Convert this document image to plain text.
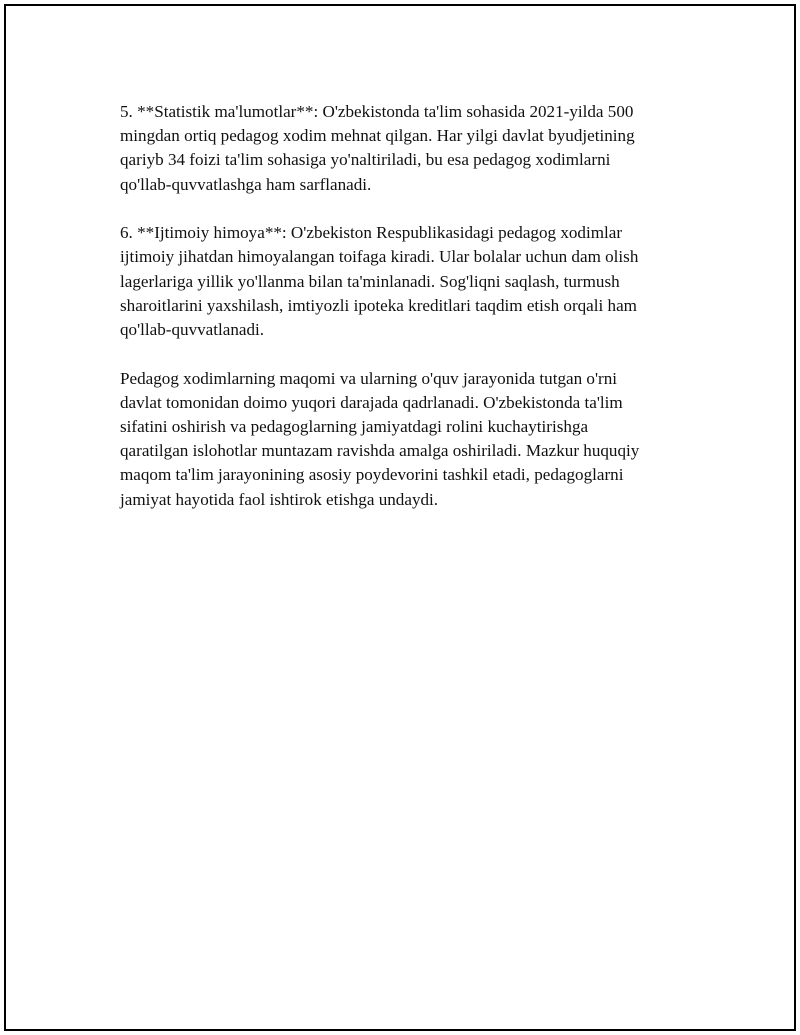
5. **Statistik ma'lumotlar**: O'zbekistonda ta'lim sohasida 2021-yilda 500
mingdan ortiq pedagog xodim mehnat qilgan. Har yilgi davlat byudjetining
qariyb 34 foizi ta'lim sohasiga yo'naltiriladi, bu esa pedagog xodimlarni
qo'llab-quvvatlashga ham sarflanadi.

6. **Ijtimoiy himoya**: O'zbekiston Respublikasidagi pedagog xodimlar
ijtimoiy jihatdan himoyalangan toifaga kiradi. Ular bolalar uchun dam olish
lagerlariga yillik yo'llanma bilan ta'minlanadi. Sog'liqni saqlash, turmush
sharoitlarini yaxshilash, imtiyozli ipoteka kreditlari taqdim etish orqali ham
qo'llab-quvvatlanadi.

Pedagog xodimlarning maqomi va ularning o'quv jarayonida tutgan o'rni
davlat tomonidan doimo yuqori darajada qadrlanadi. O'zbekistonda ta'lim
sifatini oshirish va pedagoglarning jamiyatdagi rolini kuchaytirishga
qaratilgan islohotlar muntazam ravishda amalga oshiriladi. Mazkur huquqiy
maqom ta'lim jarayonining asosiy poydevorini tashkil etadi, pedagoglarni
jamiyat hayotida faol ishtirok etishga undaydi.
